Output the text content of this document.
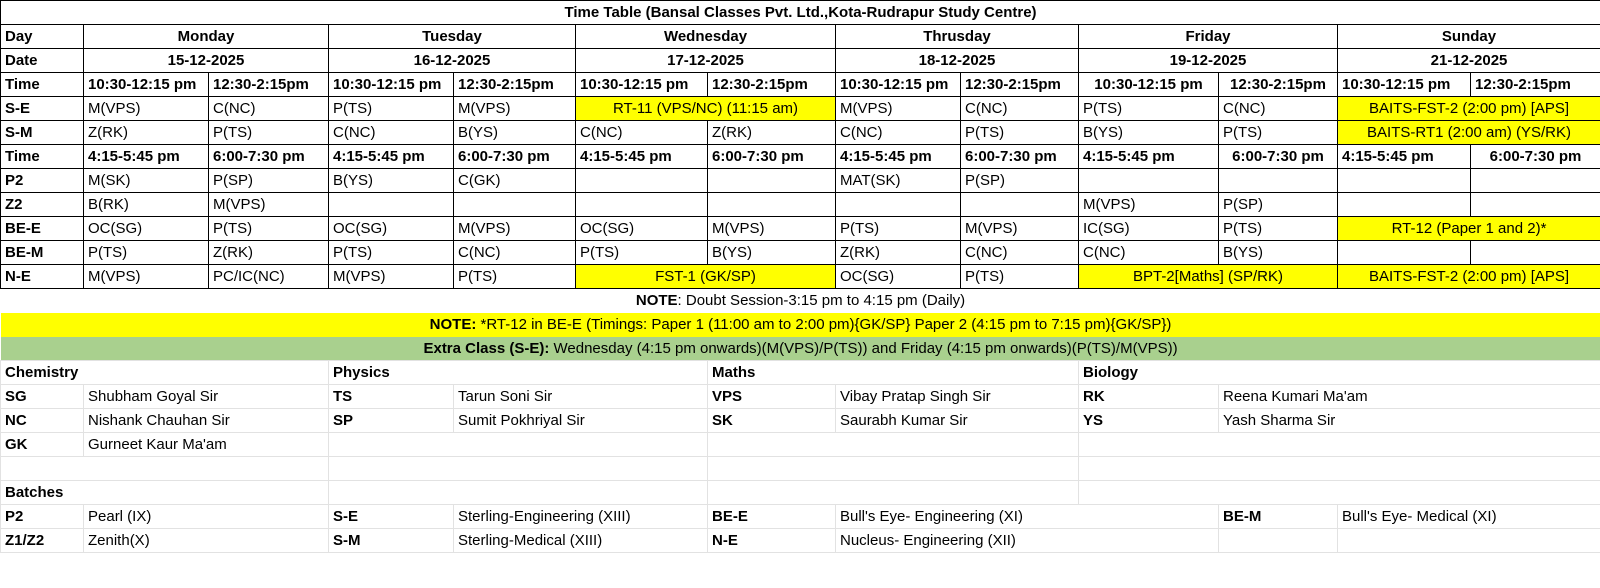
Time Table (Bansal Classes Pvt. Ltd.,Kota-Rudrapur Study Centre)												
Day	Monday		Tuesday		Wednesday		Thrusday		Friday		Sunday	
Date	15-12-2025		16-12-2025		17-12-2025		18-12-2025		19-12-2025		21-12-2025	
Time	10:30-12:15 pm	12:30-2:15pm	10:30-12:15 pm	12:30-2:15pm	10:30-12:15 pm	12:30-2:15pm	10:30-12:15 pm	12:30-2:15pm	10:30-12:15 pm	12:30-2:15pm	10:30-12:15 pm	12:30-2:15pm
S-E	M(VPS)	C(NC)	P(TS)	M(VPS)	RT-11 (VPS/NC) (11:15 am)		M(VPS)	C(NC)	P(TS)	C(NC)	BAITS-FST-2 (2:00 pm) [APS]	
S-M	Z(RK)	P(TS)	C(NC)	B(YS)	C(NC)	Z(RK)	C(NC)	P(TS)	B(YS)	P(TS)	BAITS-RT1 (2:00 am) (YS/RK)	
Time	4:15-5:45 pm	6:00-7:30 pm	4:15-5:45 pm	6:00-7:30 pm	4:15-5:45 pm	6:00-7:30 pm	4:15-5:45 pm	6:00-7:30 pm	4:15-5:45 pm	6:00-7:30 pm	4:15-5:45 pm	6:00-7:30 pm
P2	M(SK)	P(SP)	B(YS)	C(GK)			MAT(SK)	P(SP)				
Z2	B(RK)	M(VPS)							M(VPS)	P(SP)		
BE-E	OC(SG)	P(TS)	OC(SG)	M(VPS)	OC(SG)	M(VPS)	P(TS)	M(VPS)	IC(SG)	P(TS)	RT-12 (Paper 1 and 2)*	
BE-M	P(TS)	Z(RK)	P(TS)	C(NC)	P(TS)	B(YS)	Z(RK)	C(NC)	C(NC)	B(YS)		
N-E	M(VPS)	PC/IC(NC)	M(VPS)	P(TS)	FST-1 (GK/SP)		OC(SG)	P(TS)	BPT-2[Maths] (SP/RK)		BAITS-FST-2 (2:00 pm) [APS]	
NOTE: Doubt Session-3:15 pm to 4:15 pm (Daily)												
NOTE: *RT-12 in BE-E (Timings: Paper 1 (11:00 am to 2:00 pm){GK/SP} Paper 2 (4:15 pm to 7:15 pm){GK/SP})												
Extra Class (S-E): Wednesday (4:15 pm onwards)(M(VPS)/P(TS)) and Friday (4:15 pm onwards)(P(TS)/M(VPS))												
Chemistry			Physics			Maths			Biology			
SG	Shubham Goyal Sir		TS	Tarun Soni Sir		VPS	Vibay Pratap Singh Sir		RK	Reena Kumari Ma'am		
NC	Nishank Chauhan Sir		SP	Sumit Pokhriyal Sir		SK	Saurabh Kumar Sir		YS	Yash Sharma Sir		
GK	Gurneet Kaur Ma'am											

Batches												
P2	Pearl (IX)		S-E	Sterling-Engineering (XIII)		BE-E	Bull's Eye- Engineering (XI)			BE-M	Bull's Eye- Medical (XI)	
Z1/Z2	Zenith(X)		S-M	Sterling-Medical (XIII)		N-E	Nucleus- Engineering (XII)					
